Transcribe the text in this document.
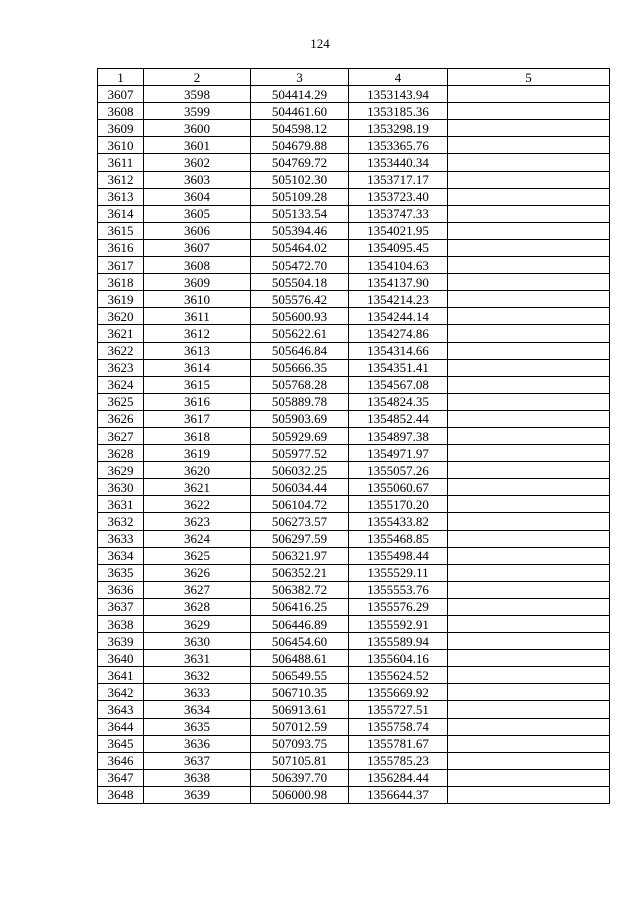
124
1	2	3	4	5
3607	3598	504414.29	1353143.94	
3608	3599	504461.60	1353185.36	
3609	3600	504598.12	1353298.19	
3610	3601	504679.88	1353365.76	
3611	3602	504769.72	1353440.34	
3612	3603	505102.30	1353717.17	
3613	3604	505109.28	1353723.40	
3614	3605	505133.54	1353747.33	
3615	3606	505394.46	1354021.95	
3616	3607	505464.02	1354095.45	
3617	3608	505472.70	1354104.63	
3618	3609	505504.18	1354137.90	
3619	3610	505576.42	1354214.23	
3620	3611	505600.93	1354244.14	
3621	3612	505622.61	1354274.86	
3622	3613	505646.84	1354314.66	
3623	3614	505666.35	1354351.41	
3624	3615	505768.28	1354567.08	
3625	3616	505889.78	1354824.35	
3626	3617	505903.69	1354852.44	
3627	3618	505929.69	1354897.38	
3628	3619	505977.52	1354971.97	
3629	3620	506032.25	1355057.26	
3630	3621	506034.44	1355060.67	
3631	3622	506104.72	1355170.20	
3632	3623	506273.57	1355433.82	
3633	3624	506297.59	1355468.85	
3634	3625	506321.97	1355498.44	
3635	3626	506352.21	1355529.11	
3636	3627	506382.72	1355553.76	
3637	3628	506416.25	1355576.29	
3638	3629	506446.89	1355592.91	
3639	3630	506454.60	1355589.94	
3640	3631	506488.61	1355604.16	
3641	3632	506549.55	1355624.52	
3642	3633	506710.35	1355669.92	
3643	3634	506913.61	1355727.51	
3644	3635	507012.59	1355758.74	
3645	3636	507093.75	1355781.67	
3646	3637	507105.81	1355785.23	
3647	3638	506397.70	1356284.44	
3648	3639	506000.98	1356644.37	
